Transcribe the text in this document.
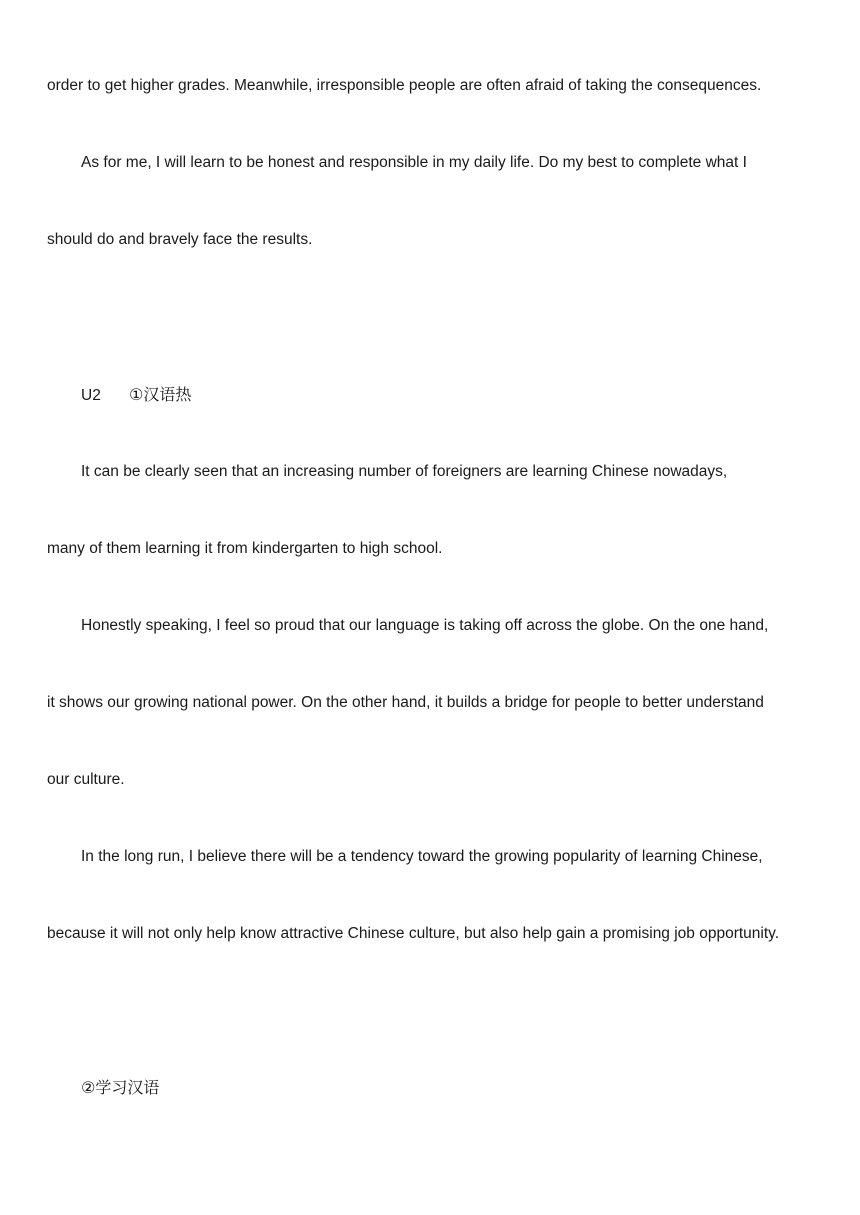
order to get higher grades. Meanwhile, irresponsible people are often afraid of taking the consequences.
As for me, I will learn to be honest and responsible in my daily life. Do my best to complete what I
should do and bravely face the results.
U2 ①汉语热
It can be clearly seen that an increasing number of foreigners are learning Chinese nowadays,
many of them learning it from kindergarten to high school.
Honestly speaking, I feel so proud that our language is taking off across the globe. On the one hand,
it shows our growing national power. On the other hand, it builds a bridge for people to better understand
our culture.
In the long run, I believe there will be a tendency toward the growing popularity of learning Chinese,
because it will not only help know attractive Chinese culture, but also help gain a promising job opportunity.
②学习汉语
